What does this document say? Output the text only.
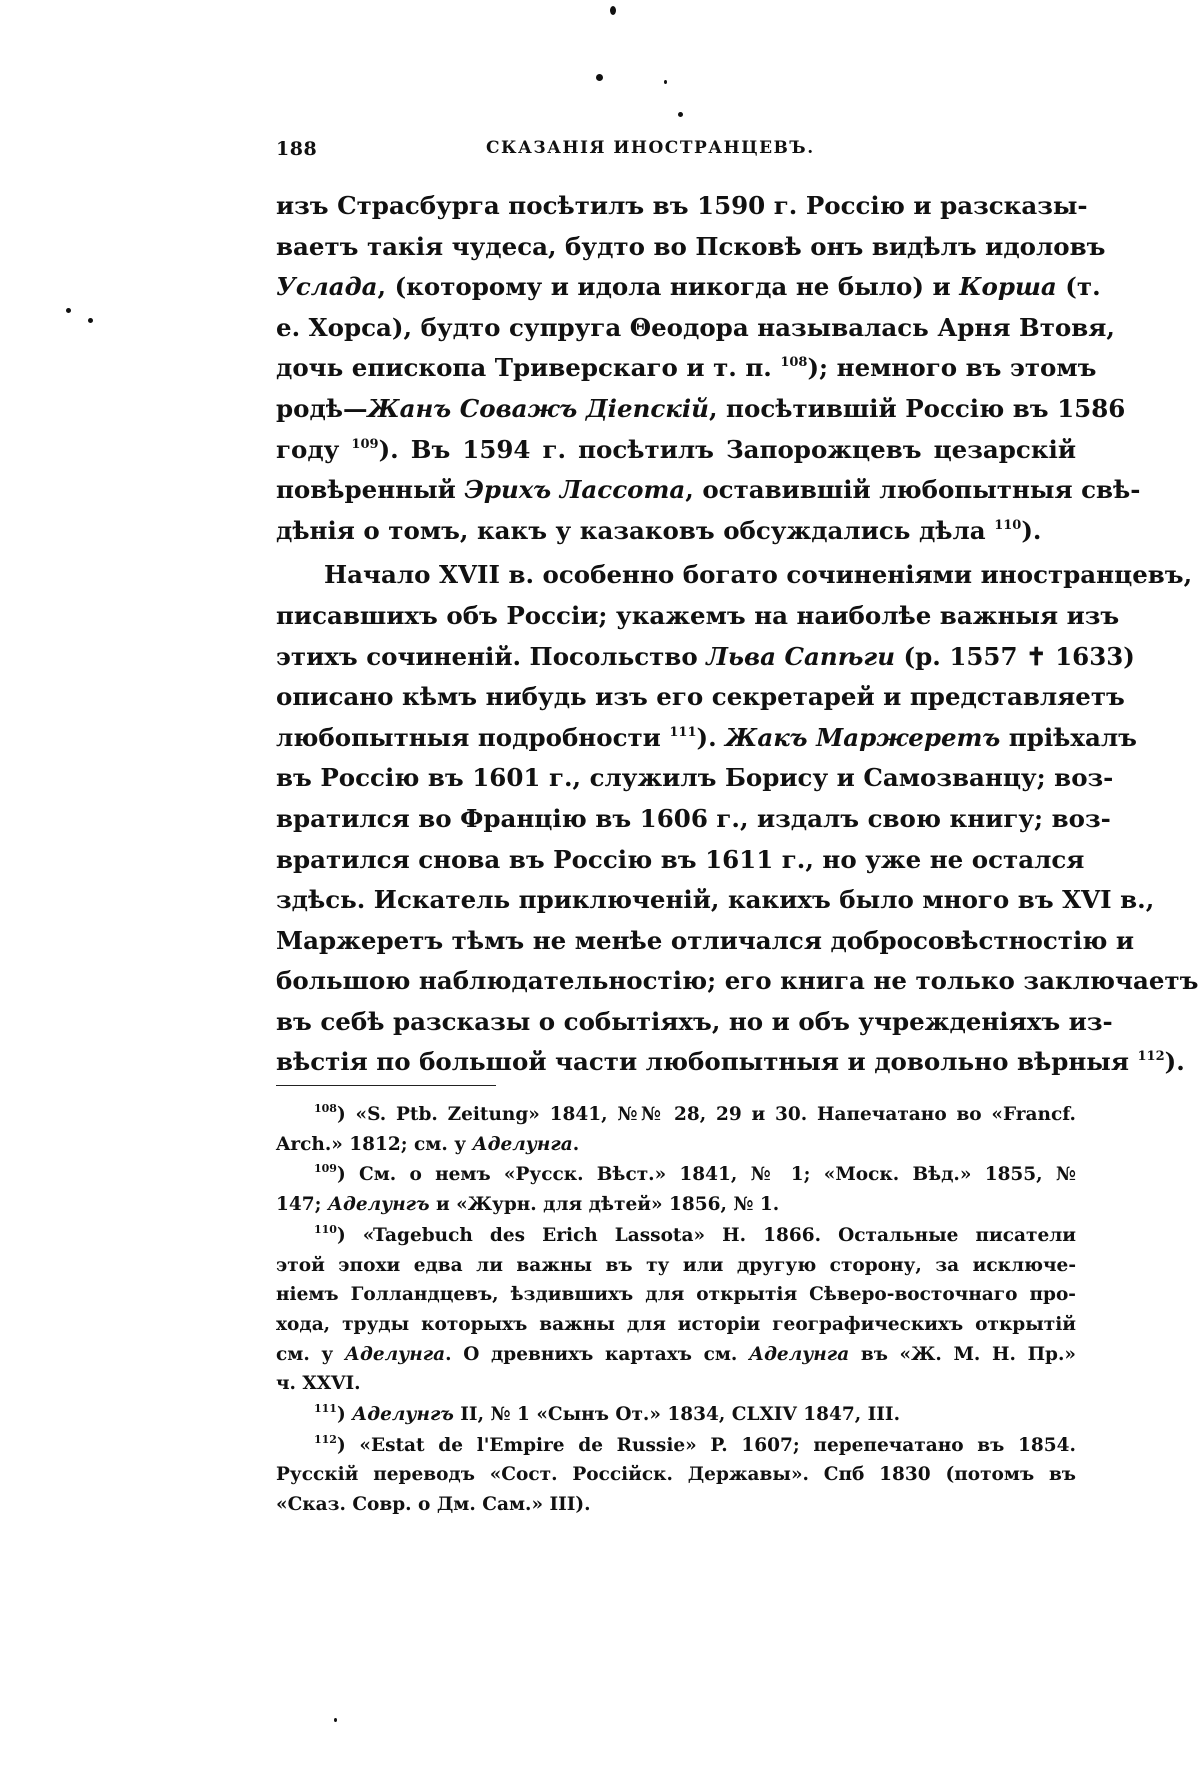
188	СКАЗАНІЯ ИНОСТРАНЦЕВЪ.

изъ Страсбурга посѣтилъ въ 1590 г. Россію и разсказы-
ваетъ такія чудеса, будто во Псковѣ онъ видѣлъ идоловъ
Услада, (которому и идола никогда не было) и Корша (т.
е. Хорса), будто супруга Θеодора называлась Арня Втовя,
дочь епископа Триверскаго и т. п. $^{108}$); немного въ этомъ
родѣ—Жанъ Соважъ Діепскій, посѣтившій Россію въ 1586
году $^{109}$). Въ 1594 г. посѣтилъ Запорожцевъ цезарскій
повѣренный Эрихъ Лассота, оставившій любопытныя свѣ-
дѣнія о томъ, какъ у казаковъ обсуждались дѣла $^{110}$).

Начало XVII в. особенно богато сочиненіями иностранцевъ,
писавшихъ объ Россіи; укажемъ на наиболѣе важныя изъ
этихъ сочиненій. Посольство Льва Сапѣги (р. 1557 ✝ 1633)
описано кѣмъ нибудь изъ его секретарей и представляетъ
любопытныя подробности $^{111}$). Жакъ Маржеретъ пріѣхалъ
въ Россію въ 1601 г., служилъ Борису и Самозванцу; воз-
вратился во Францію въ 1606 г., издалъ свою книгу; воз-
вратился снова въ Россію въ 1611 г., но уже не остался
здѣсь. Искатель приключеній, какихъ было много въ XVI в.,
Маржеретъ тѣмъ не менѣе отличался добросовѣстностію и
большою наблюдательностію; его книга не только заключаетъ
въ себѣ разсказы о событіяхъ, но и объ учрежденіяхъ из-
вѣстія по большой части любопытныя и довольно вѣрныя $^{112}$).

$^{108}$) «S. Ptb. Zeitung» 1841, №№ 28, 29 и 30. Напечатано во «Francf.
Arch.» 1812; см. у Аделунга.

$^{109}$) См. о немъ «Русск. Вѣст.» 1841, № 1; «Моск. Вѣд.» 1855, №
147; Аделунгъ и «Журн. для дѣтей» 1856, № 1.

$^{110}$) «Tagebuch des Erich Lassota» H. 1866. Остальные писатели
этой эпохи едва ли важны въ ту или другую сторону, за исключе-
ніемъ Голландцевъ, ѣздившихъ для открытія Сѣверо-восточнаго про-
хода, труды которыхъ важны для исторіи географическихъ открытій
см. у Аделунга. О древнихъ картахъ см. Аделунга въ «Ж. М. Н. Пр.»
ч. XXVI.

$^{111}$) Аделунгъ II, № 1 «Сынъ От.» 1834, CLXIV 1847, III.

$^{112}$) «Estat de l'Empire de Russie» P. 1607; перепечатано въ 1854.
Русскій переводъ «Сост. Россійск. Державы». Спб 1830 (потомъ въ
«Сказ. Совр. о Дм. Сам.» III).
